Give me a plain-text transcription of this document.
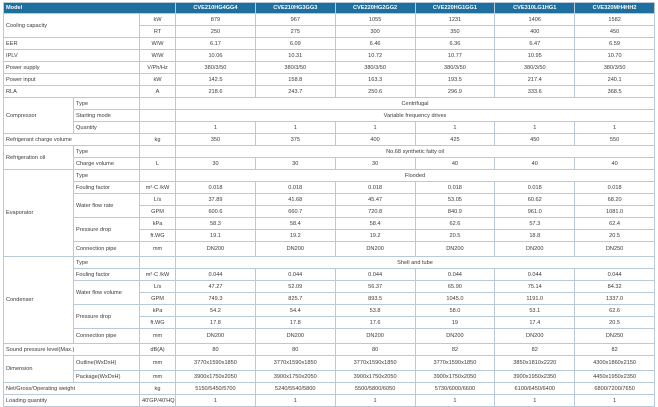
Model			CVE210HG4GG4	CVE210HG3GG3	CVE220HG2GG2	CVE220HG1GG1	CVE310LG1HG1	CVE320MH4HH2
Cooling capacity		kW	879	967	1055	1231	1406	1582
		RT	250	275	300	350	400	450
EER		W/W	6.17	6.09	6.46	6.36	6.47	6.59
IPLV		W/W	10.06	10.31	10.72	10.77	10.95	10.70
Power supply		V/Ph/Hz	380/3/50	380/3/50	380/3/50	380/3/50	380/3/50	380/3/50
Power input		kW	142.5	158.8	163.3	193.5	217.4	240.1
RLA		A	218.6	243.7	250.6	296.9	333.6	368.5
Compressor	Type		Centrifugal					
	Starting mode		Variable frequency drives					
	Quantity		1	1	1	1	1	1
Refrigerant charge volume		kg	350	375	400	425	450	550
Refrigeration oil	Type		No.68 synthetic fatty oil					
	Charge volume	L	30	30	30	40	40	40
Evaporator	Type		Flooded					
	Fouling factor	m²·C /kW	0.018	0.018	0.018	0.018	0.018	0.018
	Water flow rate	L/s	37.89	41.68	45.47	53.05	60.62	68.20
		GPM	600.6	660.7	720.8	840.9	961.0	1081.0
	Pressure drop	kPa	58.3	58.4	58.4	62.6	57.3	62.4
		ft.WG	19.1	19.2	19.2	20.5	18.8	20.5
	Connection pipe	mm	DN200	DN200	DN200	DN200	DN200	DN250
Condenser	Type		Shell and tube					
	Fouling factor	m²·C /kW	0.044	0.044	0.044	0.044	0.044	0.044
	Water flow volume	L/s	47.27	52.09	56.37	65.90	75.14	84.32
		GPM	749.3	825.7	893.5	1045.0	1191.0	1337.0
	Pressure drop	kPa	54.2	54.4	53.8	58.0	53.1	62.6
		ft.WG	17.8	17.8	17.6	19	17.4	20.5
	Connection pipe	mm	DN200	DN200	DN200	DN200	DN200	DN250
Sound pressure level(Max.)		dB(A)	80	80	80	82	82	82
Dimension	Outline(WxDxH)	mm	3770x1590x1850	3770x1590x1850	3770x1590x1850	3770x1590x1850	3850x1810x2220	4300x1860x2150
	Package(WxDxH)	mm	3900x1750x2050	3900x1750x2050	3900x1750x2050	3900x1750x2050	3900x1950x2350	4450x1950x2350
Net/Gross/Operating weight		kg	5150/5450/5700	5240/5540/5800	5500/5800/6050	5730/6000/6600	6100/6450/6400	6800/7200/7650
Loading quantity		40'GP/40'HQ	1	1	1	1	1	1
